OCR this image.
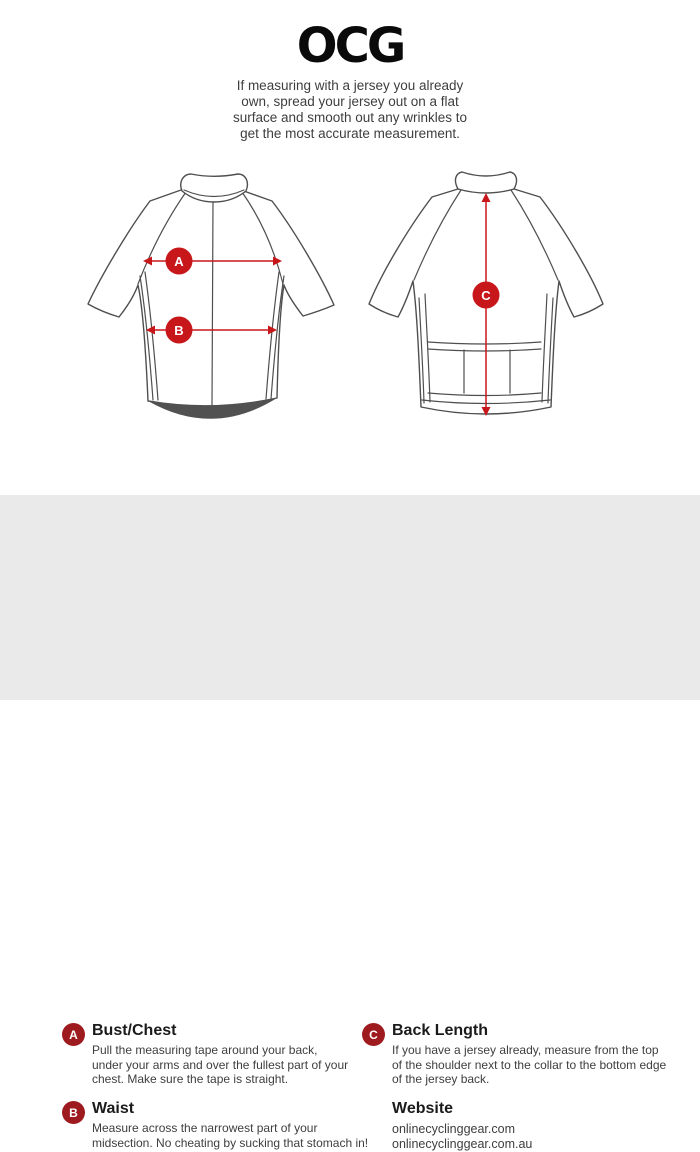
OCG
If measuring with a jersey you already
own, spread your jersey out on a flat
surface and smooth out any wrinkles to
get the most accurate measurement.
A
B
C
A Bust/Chest
Pull the measuring tape around your back,
under your arms and over the fullest part of your
chest. Make sure the tape is straight.
B Waist
Measure across the narrowest part of your
midsection. No cheating by sucking that stomach in!
C Back Length
If you have a jersey already, measure from the top
of the shoulder next to the collar to the bottom edge
of the jersey back.
Website
onlinecyclinggear.com
onlinecyclinggear.com.au
